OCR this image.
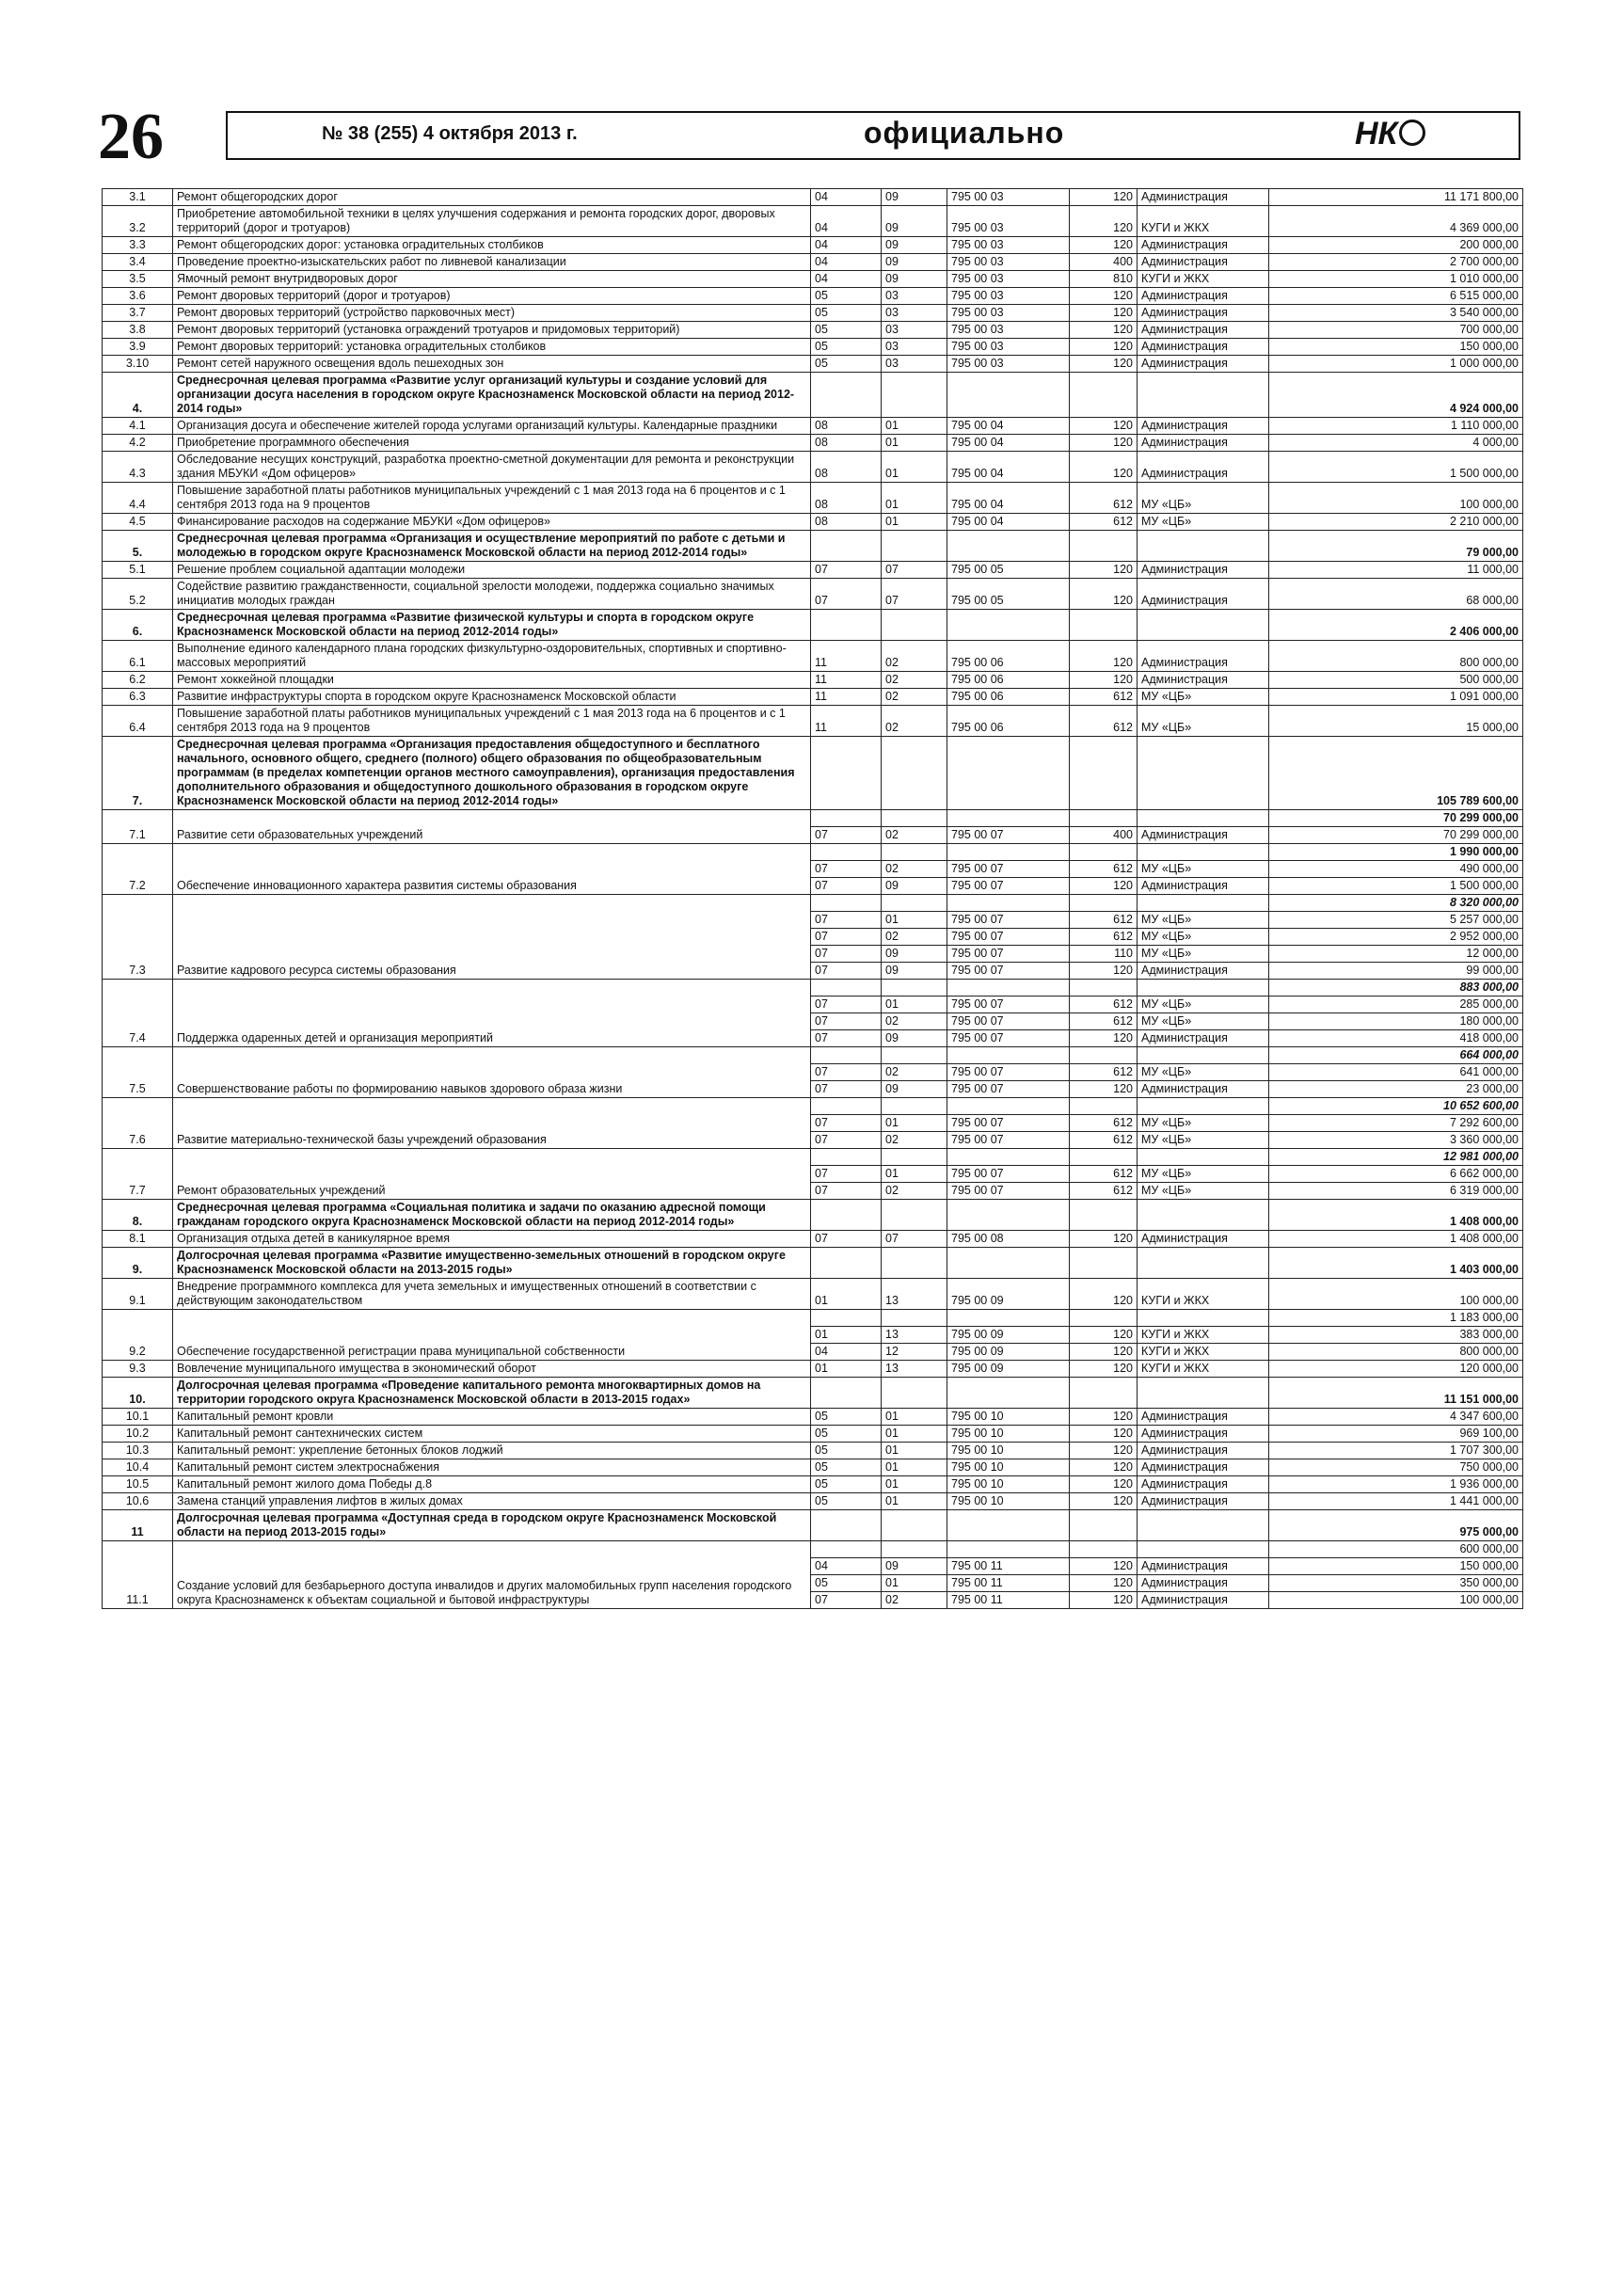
26	№ 38 (255) 4 октября 2013 г.	официально	НК
3.1	Ремонт общегородских дорог	04	09	795 00 03	120	Администрация	11 171 800,00
3.2	Приобретение автомобильной техники в целях улучшения содержания и ремонта городских дорог, дворовых территорий (дорог и тротуаров)	04	09	795 00 03	120	КУГИ и ЖКХ	4 369 000,00
3.3	Ремонт общегородских дорог: установка оградительных столбиков	04	09	795 00 03	120	Администрация	200 000,00
3.4	Проведение проектно-изыскательских работ по ливневой канализации	04	09	795 00 03	400	Администрация	2 700 000,00
3.5	Ямочный ремонт внутридворовых дорог	04	09	795 00 03	810	КУГИ и ЖКХ	1 010 000,00
3.6	Ремонт дворовых территорий (дорог и тротуаров)	05	03	795 00 03	120	Администрация	6 515 000,00
3.7	Ремонт дворовых территорий (устройство парковочных мест)	05	03	795 00 03	120	Администрация	3 540 000,00
3.8	Ремонт дворовых территорий (установка ограждений тротуаров и придомовых территорий)	05	03	795 00 03	120	Администрация	700 000,00
3.9	Ремонт дворовых территорий: установка оградительных столбиков	05	03	795 00 03	120	Администрация	150 000,00
3.10	Ремонт сетей наружного освещения вдоль пешеходных зон	05	03	795 00 03	120	Администрация	1 000 000,00
4.	Среднесрочная целевая программа «Развитие услуг организаций культуры и создание условий для организации досуга населения в городском округе Краснознаменск Московской области на период 2012-2014 годы»						4 924 000,00
4.1	Организация досуга и обеспечение жителей города услугами организаций культуры. Календарные праздники	08	01	795 00 04	120	Администрация	1 110 000,00
4.2	Приобретение программного обеспечения	08	01	795 00 04	120	Администрация	4 000,00
4.3	Обследование несущих конструкций, разработка проектно-сметной документации для ремонта и реконструкции здания МБУКИ «Дом офицеров»	08	01	795 00 04	120	Администрация	1 500 000,00
4.4	Повышение заработной платы работников муниципальных учреждений с 1 мая 2013 года на 6 процентов и с 1 сентября 2013 года на 9 процентов	08	01	795 00 04	612	МУ «ЦБ»	100 000,00
4.5	Финансирование расходов на содержание МБУКИ «Дом офицеров»	08	01	795 00 04	612	МУ «ЦБ»	2 210 000,00
5.	Среднесрочная целевая программа «Организация и осуществление мероприятий по работе с детьми и молодежью в городском округе Краснознаменск Московской области на период 2012-2014 годы»						79 000,00
5.1	Решение проблем социальной адаптации молодежи	07	07	795 00 05	120	Администрация	11 000,00
5.2	Содействие развитию гражданственности, социальной зрелости молодежи, поддержка социально значимых инициатив молодых граждан	07	07	795 00 05	120	Администрация	68 000,00
6.	Среднесрочная целевая программа «Развитие физической культуры и спорта в городском округе Краснознаменск Московской области на период 2012-2014 годы»						2 406 000,00
6.1	Выполнение единого календарного плана городских физкультурно-оздоровительных, спортивных и спортивно-массовых мероприятий	11	02	795 00 06	120	Администрация	800 000,00
6.2	Ремонт хоккейной площадки	11	02	795 00 06	120	Администрация	500 000,00
6.3	Развитие инфраструктуры спорта в городском округе Краснознаменск Московской области	11	02	795 00 06	612	МУ «ЦБ»	1 091 000,00
6.4	Повышение заработной платы работников муниципальных учреждений с 1 мая 2013 года на 6 процентов и с 1 сентября 2013 года на 9 процентов	11	02	795 00 06	612	МУ «ЦБ»	15 000,00
7.	Среднесрочная целевая программа «Организация предоставления общедоступного и бесплатного начального, основного общего, среднего (полного) общего образования по общеобразовательным программам (в пределах компетенции органов местного самоуправления), организация предоставления дополнительного образования и общедоступного дошкольного образования в городском округе Краснознаменск Московской области на период 2012-2014 годы»						105 789 600,00
7.1	Развитие сети образовательных учреждений						70 299 000,00
		07	02	795 00 07	400	Администрация	70 299 000,00
7.2	Обеспечение инновационного характера развития системы образования						1 990 000,00
		07	02	795 00 07	612	МУ «ЦБ»	490 000,00
		07	09	795 00 07	120	Администрация	1 500 000,00
7.3	Развитие кадрового ресурса системы образования						8 320 000,00
		07	01	795 00 07	612	МУ «ЦБ»	5 257 000,00
		07	02	795 00 07	612	МУ «ЦБ»	2 952 000,00
		07	09	795 00 07	110	МУ «ЦБ»	12 000,00
		07	09	795 00 07	120	Администрация	99 000,00
7.4	Поддержка одаренных детей и организация мероприятий						883 000,00
		07	01	795 00 07	612	МУ «ЦБ»	285 000,00
		07	02	795 00 07	612	МУ «ЦБ»	180 000,00
		07	09	795 00 07	120	Администрация	418 000,00
7.5	Совершенствование работы по формированию навыков здорового образа жизни						664 000,00
		07	02	795 00 07	612	МУ «ЦБ»	641 000,00
		07	09	795 00 07	120	Администрация	23 000,00
7.6	Развитие материально-технической базы учреждений образования						10 652 600,00
		07	01	795 00 07	612	МУ «ЦБ»	7 292 600,00
		07	02	795 00 07	612	МУ «ЦБ»	3 360 000,00
7.7	Ремонт образовательных учреждений						12 981 000,00
		07	01	795 00 07	612	МУ «ЦБ»	6 662 000,00
		07	02	795 00 07	612	МУ «ЦБ»	6 319 000,00
8.	Среднесрочная целевая программа «Социальная политика и задачи по оказанию адресной помощи гражданам городского округа Краснознаменск Московской области на период 2012-2014 годы»						1 408 000,00
8.1	Организация отдыха детей в каникулярное время	07	07	795 00 08	120	Администрация	1 408 000,00
9.	Долгосрочная целевая программа «Развитие имущественно-земельных отношений в городском округе Краснознаменск Московской области на 2013-2015 годы»						1 403 000,00
9.1	Внедрение программного комплекса для учета земельных и имущественных отношений в соответствии с действующим законодательством	01	13	795 00 09	120	КУГИ и ЖКХ	100 000,00
9.2	Обеспечение государственной регистрации права муниципальной собственности						1 183 000,00
		01	13	795 00 09	120	КУГИ и ЖКХ	383 000,00
		04	12	795 00 09	120	КУГИ и ЖКХ	800 000,00
9.3	Вовлечение муниципального имущества в экономический оборот	01	13	795 00 09	120	КУГИ и ЖКХ	120 000,00
10.	Долгосрочная целевая программа «Проведение капитального ремонта многоквартирных домов на территории городского округа Краснознаменск Московской области в 2013-2015 годах»						11 151 000,00
10.1	Капитальный ремонт кровли	05	01	795 00 10	120	Администрация	4 347 600,00
10.2	Капитальный ремонт сантехнических систем	05	01	795 00 10	120	Администрация	969 100,00
10.3	Капитальный ремонт: укрепление бетонных блоков лоджий	05	01	795 00 10	120	Администрация	1 707 300,00
10.4	Капитальный ремонт систем электроснабжения	05	01	795 00 10	120	Администрация	750 000,00
10.5	Капитальный ремонт жилого дома Победы д.8	05	01	795 00 10	120	Администрация	1 936 000,00
10.6	Замена станций управления лифтов в жилых домах	05	01	795 00 10	120	Администрация	1 441 000,00
11	Долгосрочная целевая программа «Доступная среда в городском округе Краснознаменск Московской области на период 2013-2015 годы»						975 000,00
11.1	Создание условий для безбарьерного доступа инвалидов и других маломобильных групп населения городского округа Краснознаменск к объектам социальной и бытовой инфраструктуры						600 000,00
		04	09	795 00 11	120	Администрация	150 000,00
		05	01	795 00 11	120	Администрация	350 000,00
		07	02	795 00 11	120	Администрация	100 000,00
